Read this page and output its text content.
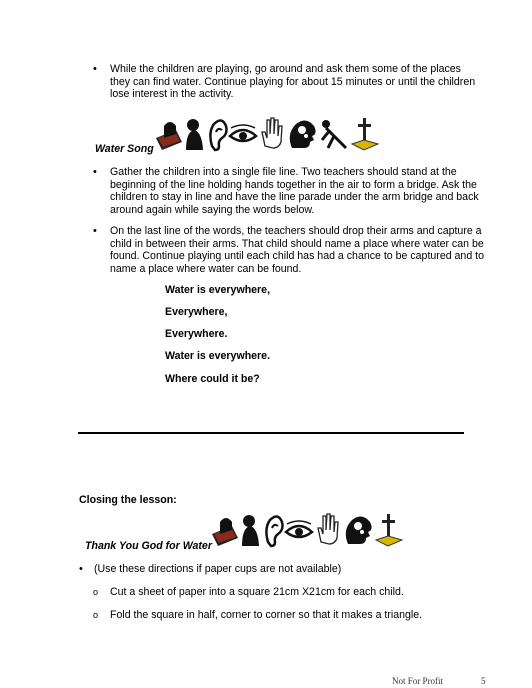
• While the children are playing, go around and ask them some of the places they can find water. Continue playing for about 15 minutes or until the children lose interest in the activity.
Water Song
• Gather the children into a single file line. Two teachers should stand at the beginning of the line holding hands together in the air to form a bridge. Ask the children to stay in line and have the line parade under the arm bridge and back around again while saying the words below.
• On the last line of the words, the teachers should drop their arms and capture a child in between their arms. That child should name a place where water can be found. Continue playing until each child has had a chance to be captured and to name a place where water can be found.
Water is everywhere,
Everywhere,
Everywhere.
Water is everywhere.
Where could it be?
Closing the lesson:
Thank You God for Water
• (Use these directions if paper cups are not available)
o Cut a sheet of paper into a square 21cm X21cm for each child.
o Fold the square in half, corner to corner so that it makes a triangle.
Not For Profit	5
